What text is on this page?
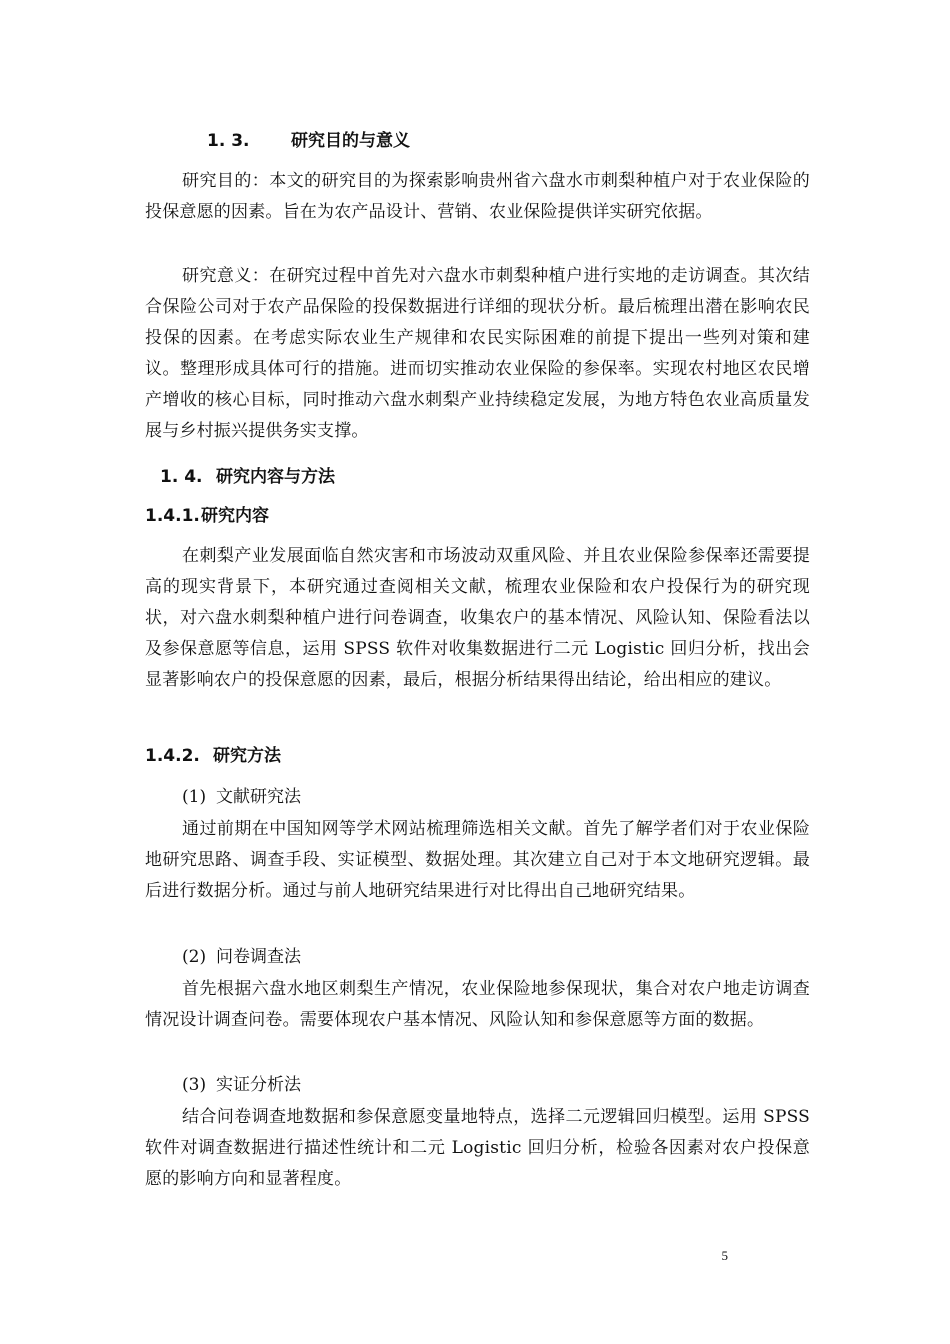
1. 3. 研究目的与意义
研究目的：本文的研究目的为探索影响贵州省六盘水市刺梨种植户对于农业保险的投保意愿的因素。旨在为农产品设计、营销、农业保险提供详实研究依据。
研究意义：在研究过程中首先对六盘水市刺梨种植户进行实地的走访调查。其次结合保险公司对于农产品保险的投保数据进行详细的现状分析。最后梳理出潜在影响农民投保的因素。在考虑实际农业生产规律和农民实际困难的前提下提出一些列对策和建议。整理形成具体可行的措施。进而切实推动农业保险的参保率。实现农村地区农民增产增收的核心目标，同时推动六盘水刺梨产业持续稳定发展，为地方特色农业高质量发展与乡村振兴提供务实支撑。
1. 4. 研究内容与方法
1.4.1.研究内容
在刺梨产业发展面临自然灾害和市场波动双重风险、并且农业保险参保率还需要提高的现实背景下，本研究通过查阅相关文献，梳理农业保险和农户投保行为的研究现状，对六盘水刺梨种植户进行问卷调查，收集农户的基本情况、风险认知、保险看法以及参保意愿等信息，运用 SPSS 软件对收集数据进行二元 Logistic 回归分析，找出会显著影响农户的投保意愿的因素，最后，根据分析结果得出结论，给出相应的建议。
1.4.2. 研究方法
(1) 文献研究法
通过前期在中国知网等学术网站梳理筛选相关文献。首先了解学者们对于农业保险地研究思路、调查手段、实证模型、数据处理。其次建立自己对于本文地研究逻辑。最后进行数据分析。通过与前人地研究结果进行对比得出自己地研究结果。
(2) 问卷调查法
首先根据六盘水地区刺梨生产情况，农业保险地参保现状，集合对农户地走访调查情况设计调查问卷。需要体现农户基本情况、风险认知和参保意愿等方面的数据。
(3) 实证分析法
结合问卷调查地数据和参保意愿变量地特点，选择二元逻辑回归模型。运用 SPSS 软件对调查数据进行描述性统计和二元 Logistic 回归分析，检验各因素对农户投保意愿的影响方向和显著程度。
5
